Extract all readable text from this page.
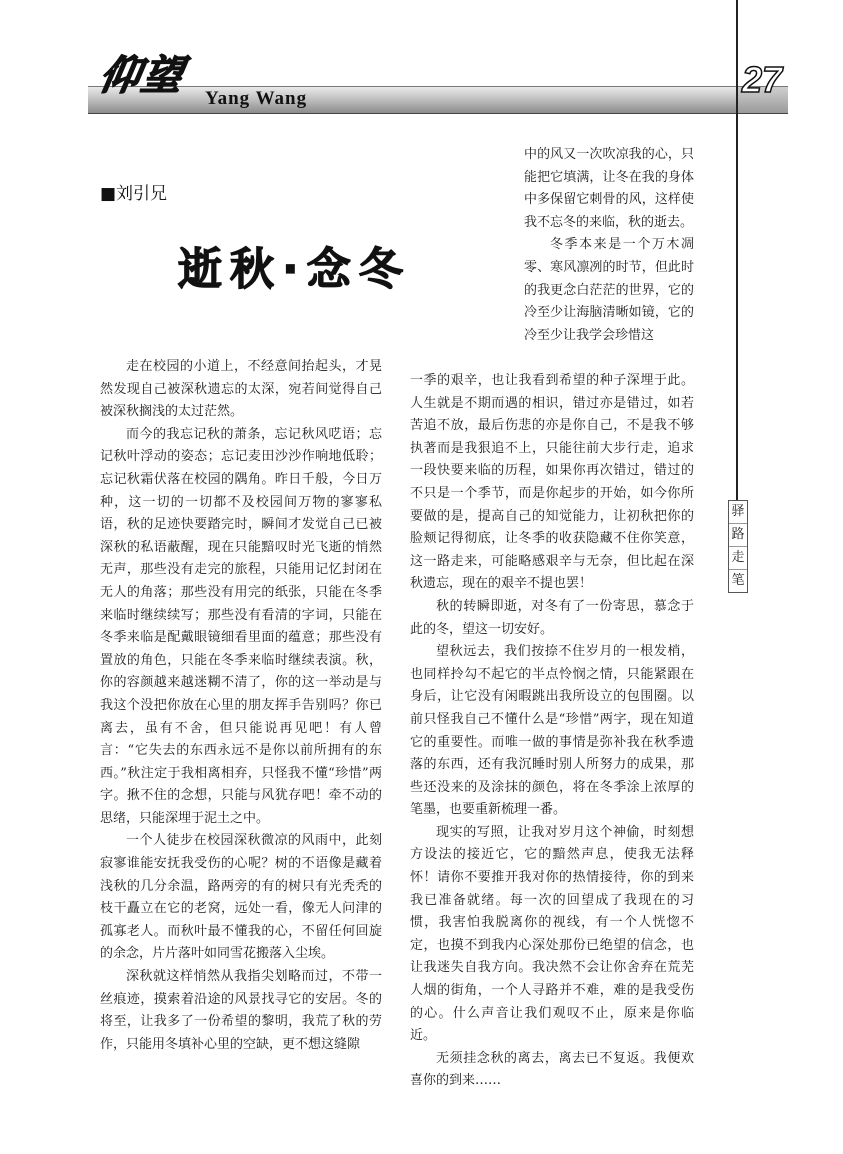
仰望 Yang Wang	27
■刘引兄
逝秋·念冬

中的风又一次吹凉我的心，只能把它填满，让冬在我的身体中多保留它刺骨的风，这样使我不忘冬的来临，秋的逝去。

冬季本来是一个万木凋零、寒风凛冽的时节，但此时的我更念白茫茫的世界，它的冷至少让海脑清晰如镜，它的冷至少让我学会珍惜这

走在校园的小道上，不经意间抬起头，才晃然发现自己被深秋遗忘的太深，宛若间觉得自己被深秋搁浅的太过茫然。

而今的我忘记秋的萧条，忘记秋风呓语；忘记秋叶浮动的姿态；忘记麦田沙沙作响地低聆；忘记秋霜伏落在校园的隅角。昨日千般，今日万种，这一切的一切都不及校园间万物的寥寥私语，秋的足迹快要踏完时，瞬间才发觉自己已被深秋的私语蔽醒，现在只能黯叹时光飞逝的悄然无声，那些没有走完的旅程，只能用记忆封闭在无人的角落；那些没有用完的纸张，只能在冬季来临时继续续写；那些没有看清的字词，只能在冬季来临是配戴眼镜细看里面的蕴意；那些没有置放的角色，只能在冬季来临时继续表演。秋，你的容颜越来越迷糊不清了，你的这一举动是与我这个没把你放在心里的朋友挥手告别吗？你已离去，虽有不舍，但只能说再见吧！有人曾言：“它失去的东西永远不是你以前所拥有的东西。”秋注定于我相离相弃，只怪我不懂“珍惜”两字。揪不住的念想，只能与风犹存吧！牵不动的思绪，只能深埋于泥土之中。

一个人徒步在校园深秋微凉的风雨中，此刻寂寥谁能安抚我受伤的心呢？树的不语像是藏着浅秋的几分余温，路两旁的有的树只有光秃秃的枝干矗立在它的老窝，远处一看，像无人问津的孤寡老人。而秋叶最不懂我的心，不留任何回旋的余念，片片落叶如同雪花搬落入尘埃。

深秋就这样悄然从我指尖划略而过，不带一丝痕迹，摸索着沿途的风景找寻它的安居。冬的将至，让我多了一份希望的黎明，我荒了秋的劳作，只能用冬填补心里的空缺，更不想这缝隙

一季的艰辛，也让我看到希望的种子深埋于此。人生就是不期而遇的相识，错过亦是错过，如若苦追不放，最后伤悲的亦是你自己，不是我不够执著而是我狠追不上，只能往前大步行走，追求一段快要来临的历程，如果你再次错过，错过的不只是一个季节，而是你起步的开始，如今你所要做的是，提高自己的知觉能力，让初秋把你的脸颊记得彻底，让冬季的收获隐藏不住你笑意，这一路走来，可能略感艰辛与无奈，但比起在深秋遗忘，现在的艰辛不提也罢！

秋的转瞬即逝，对冬有了一份寄思，慕念于此的冬，望这一切安好。

望秋远去，我们按捺不住岁月的一根发梢，也同样拎勾不起它的半点怜悯之情，只能紧跟在身后，让它没有闲暇跳出我所设立的包围圈。以前只怪我自己不懂什么是“珍惜”两字，现在知道它的重要性。而唯一做的事情是弥补我在秋季遗落的东西，还有我沉睡时别人所努力的成果，那些还没来的及涂抹的颜色，将在冬季涂上浓厚的笔墨，也要重新梳理一番。

现实的写照，让我对岁月这个神偷，时刻想方设法的接近它，它的黯然声息，使我无法释怀！请你不要推开我对你的热情接待，你的到来我已准备就绪。每一次的回望成了我现在的习惯，我害怕我脱离你的视线，有一个人恍惚不定，也摸不到我内心深处那份已绝望的信念，也让我迷失自我方向。我决然不会让你舍弃在荒芜人烟的街角，一个人寻路并不难，难的是我受伤的心。什么声音让我们观叹不止，原来是你临近。

无须挂念秋的离去，离去已不复返。我便欢喜你的到来……

驿
路
走
笔
